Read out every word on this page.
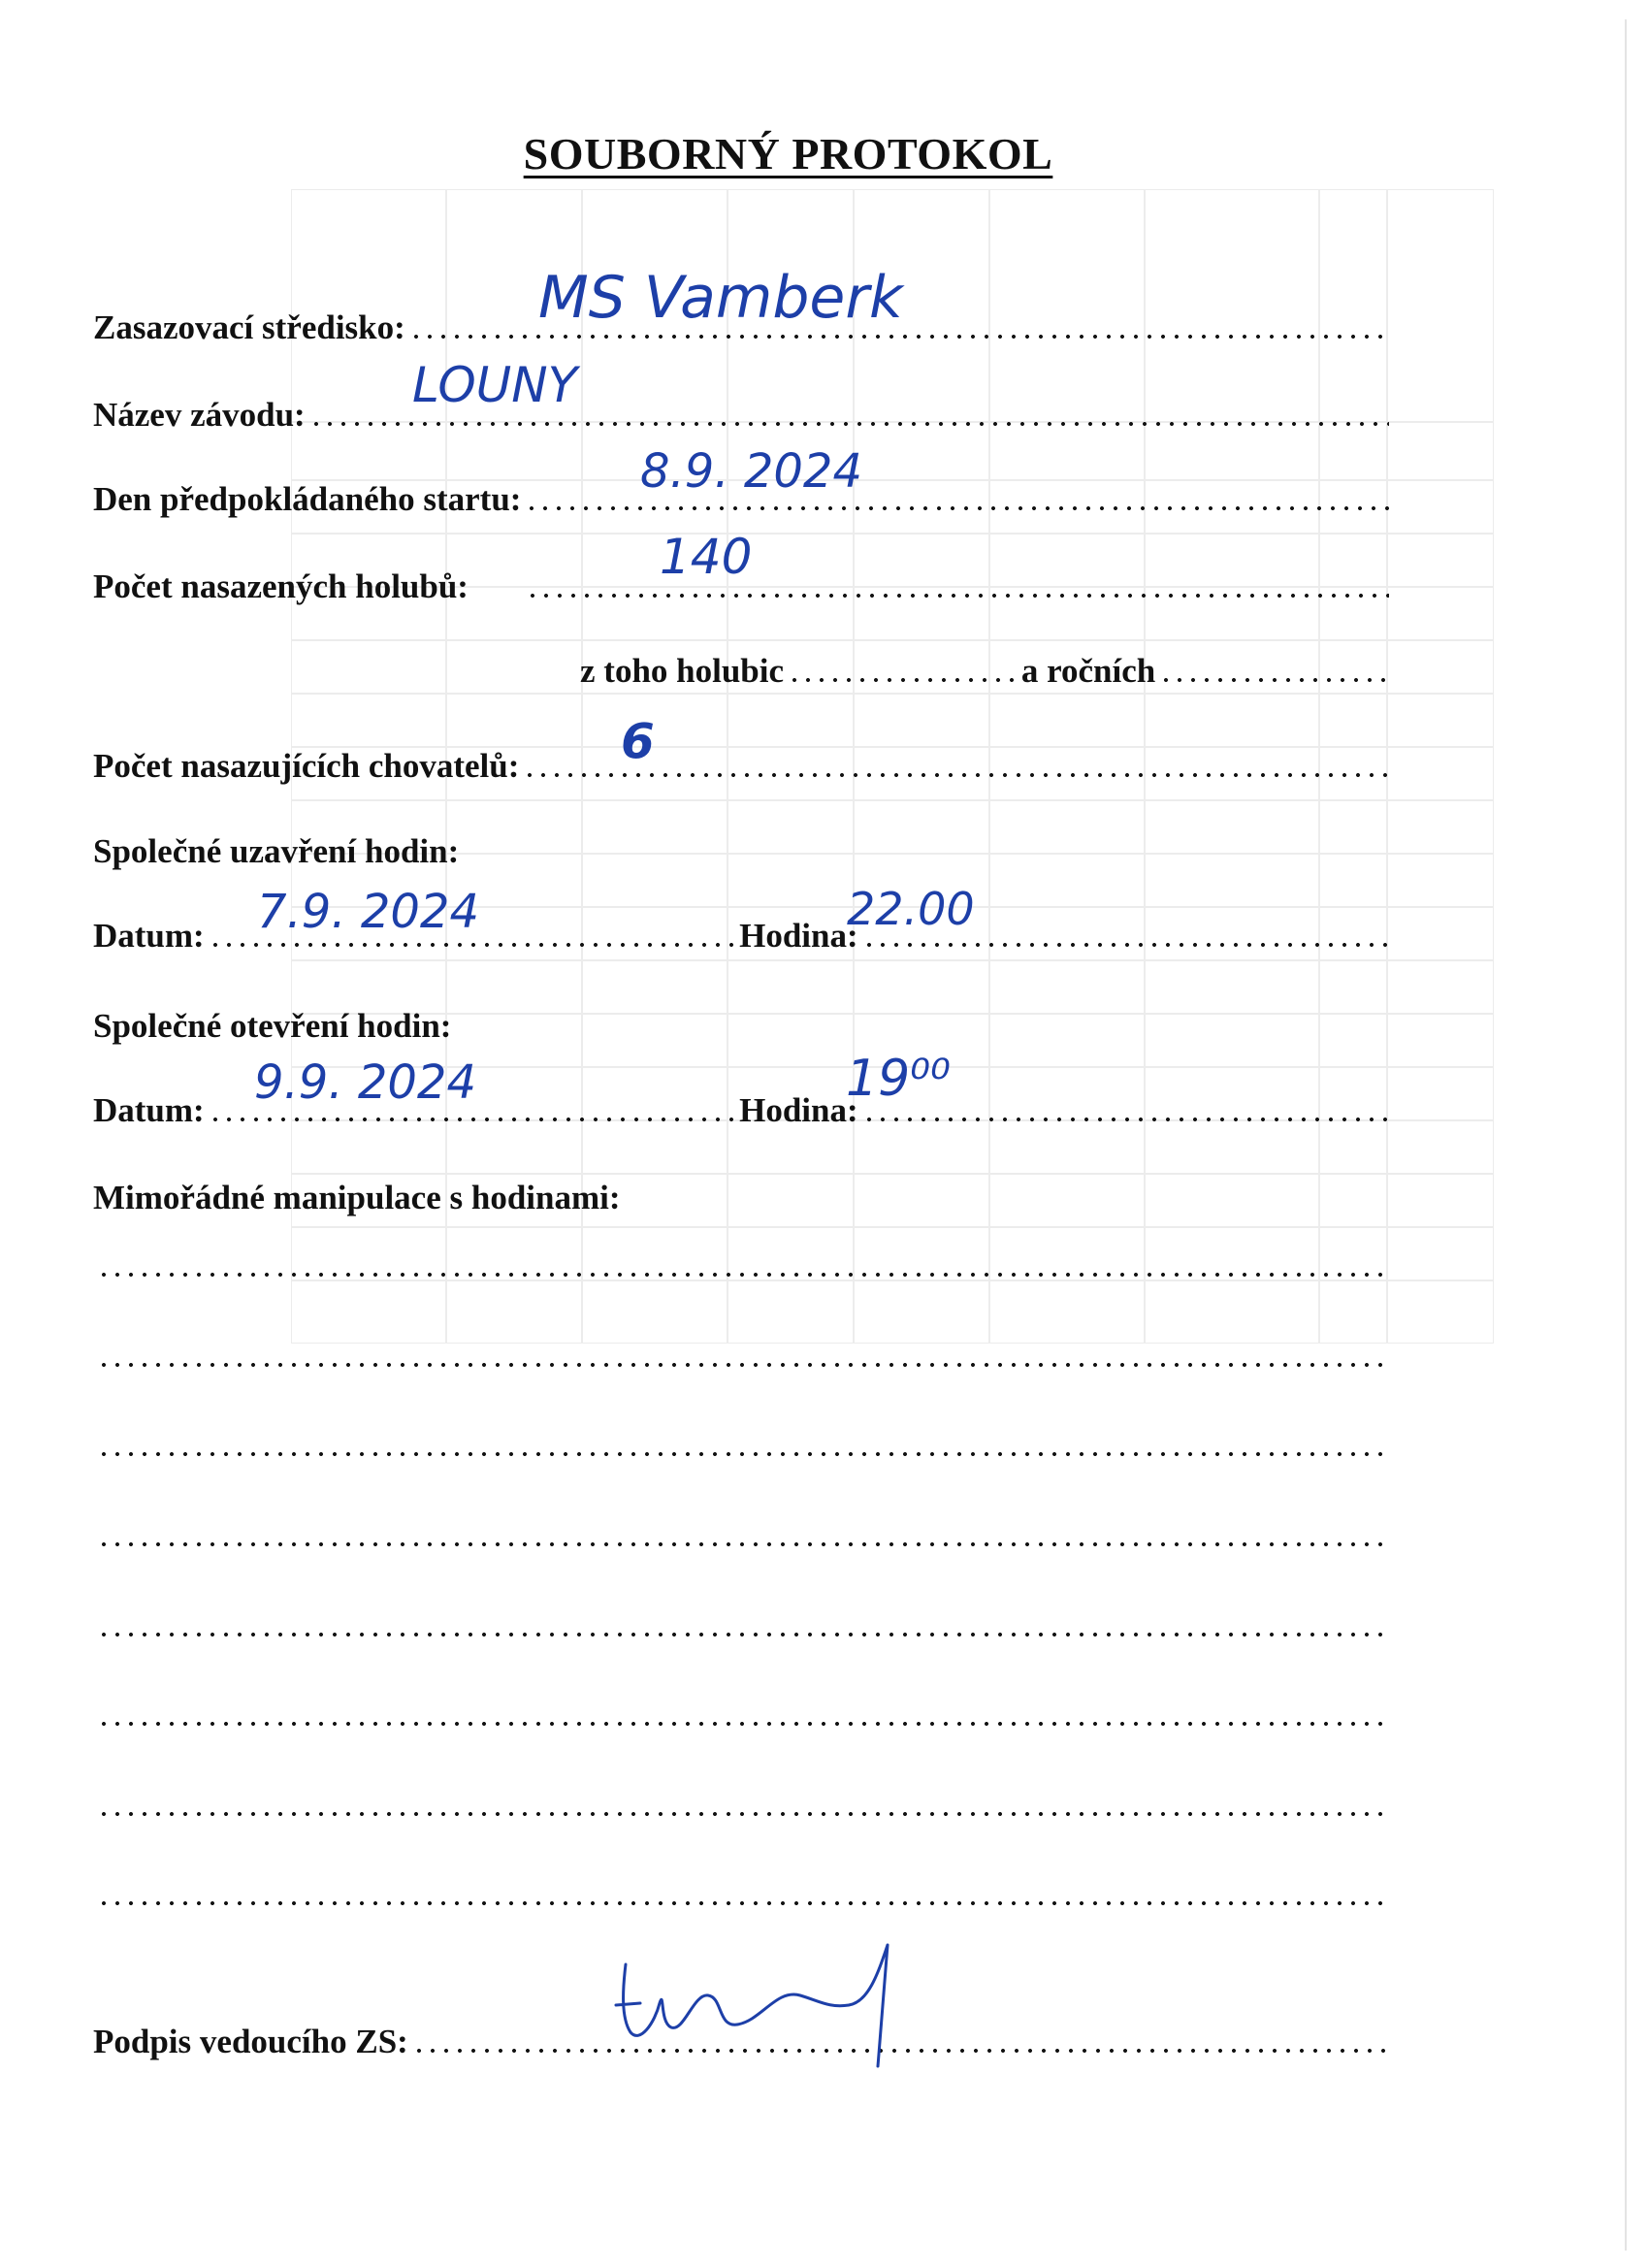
SOUBORNÝ PROTOKOL
Zasazovací středisko: MS Vamberk
Název závodu:
LOUNY
Den předpokládaného startu:
8.9. 2024
Počet nasazených holubů:
140
z toho holubic	a ročních
Počet nasazujících chovatelů: 6
Společné uzavření hodin:
Datum:	Hodina:
7.9. 2024	22.00
Společné otevření hodin:
Datum:	Hodina:
9.9. 2024	19⁰⁰
Mimořádné manipulace s hodinami:
Podpis vedoucího ZS:
